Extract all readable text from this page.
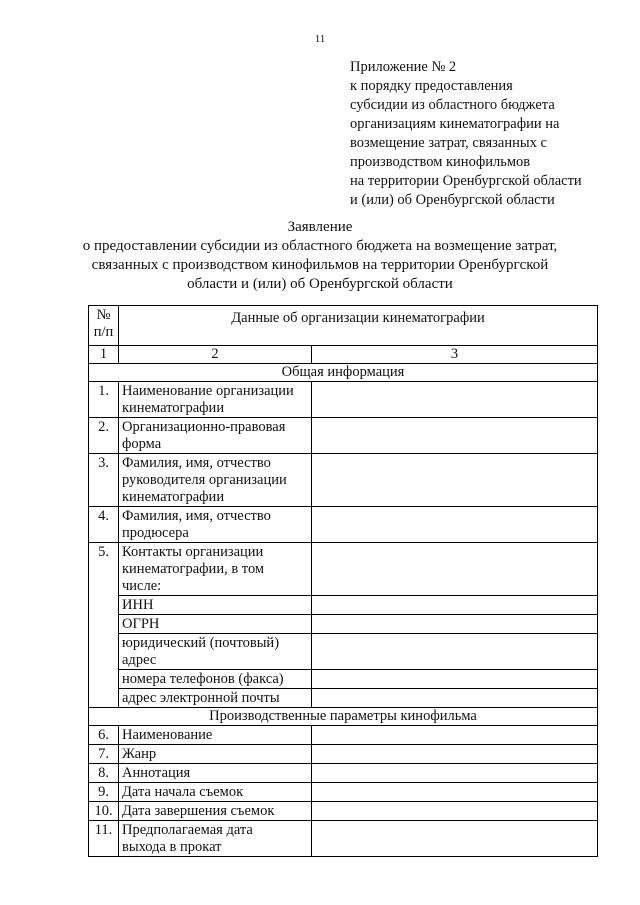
11
Приложение № 2
к порядку предоставления
субсидии из областного бюджета
организациям кинематографии на
возмещение затрат, связанных с
производством кинофильмов
на территории Оренбургской области
и (или) об Оренбургской области
Заявление
о предоставлении субсидии из областного бюджета на возмещение затрат,
связанных с производством кинофильмов на территории Оренбургской
области и (или) об Оренбургской области
№
п/п	Данные об организации кинематографии	
1	2	3
Общая информация		
1.	Наименование организации
кинематографии	

2.	Организационно-правовая
форма	

3.	Фамилия, имя, отчество
руководителя организации
кинематографии	

4.	Фамилия, имя, отчество
продюсера	

5.	Контакты организации
кинематографии, в том
числе:	

	ИНН	

	ОГРН	

	юридический (почтовый)
адрес	

	номера телефонов (факса)	

	адрес электронной почты	

Производственные параметры кинофильма		
6.	Наименование	
7.	Жанр	
8.	Аннотация	
9.	Дата начала съемок	
10.	Дата завершения съемок	
11.	Предполагаемая дата
выхода в прокат	
